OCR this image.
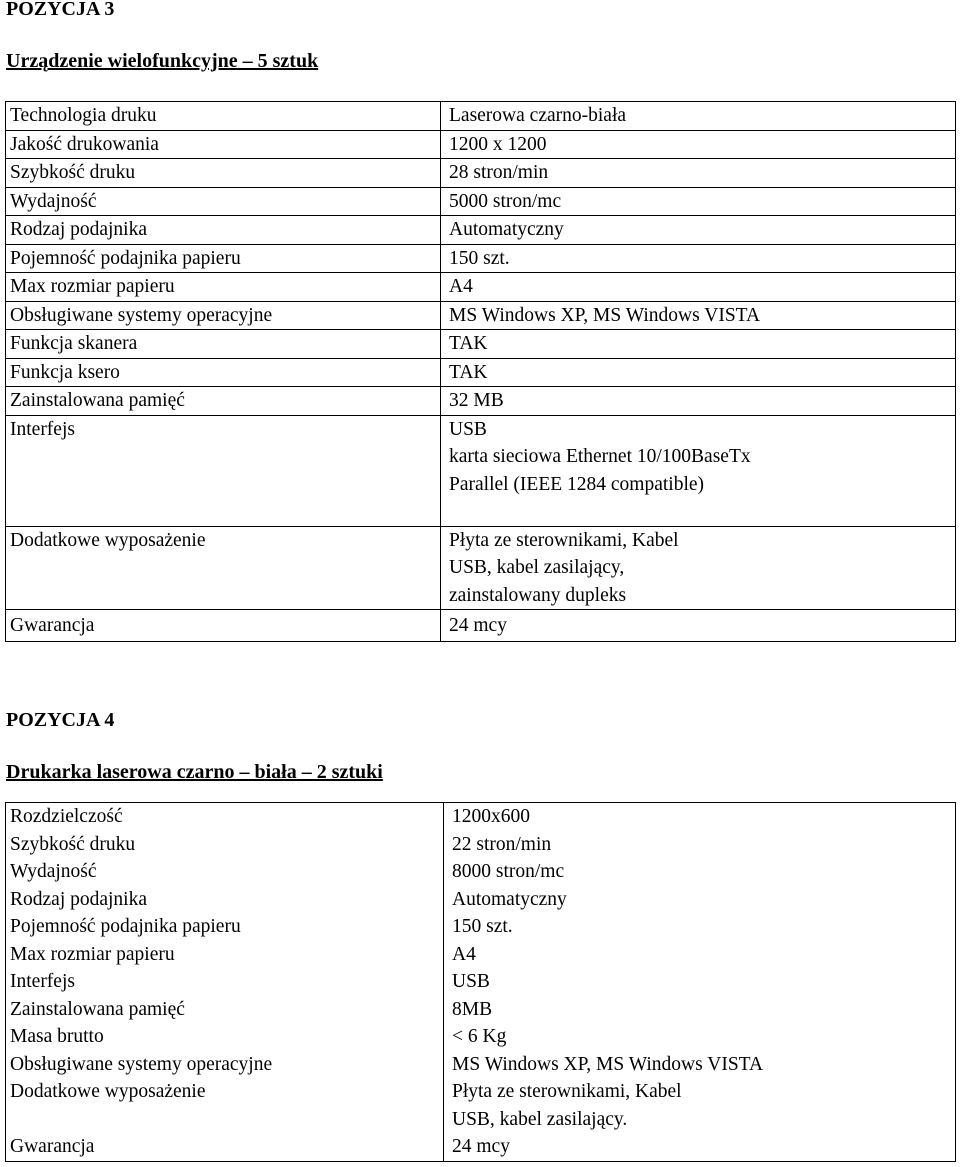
POZYCJA 3
Urządzenie wielofunkcyjne – 5 sztuk
Technologia druku	Laserowa czarno-biała
Jakość drukowania	1200 x 1200
Szybkość druku	28 stron/min
Wydajność	5000 stron/mc
Rodzaj podajnika	Automatyczny
Pojemność podajnika papieru	150 szt.
Max rozmiar papieru	A4
Obsługiwane systemy operacyjne	MS Windows XP, MS Windows VISTA
Funkcja skanera	TAK
Funkcja ksero	TAK
Zainstalowana pamięć	32 MB
Interfejs	USB
karta sieciowa Ethernet 10/100BaseTx
Parallel (IEEE 1284 compatible)

Dodatkowe wyposażenie	Płyta ze sterownikami, Kabel
USB, kabel zasilający,
zainstalowany dupleks

Gwarancja	24 mcy
POZYCJA 4
Drukarka laserowa czarno – biała – 2 sztuki
Rozdzielczość	1200x600
Szybkość druku	22 stron/min
Wydajność	8000 stron/mc
Rodzaj podajnika	Automatyczny
Pojemność podajnika papieru	150 szt.
Max rozmiar papieru	A4
Interfejs	USB
Zainstalowana pamięć	8MB
Masa brutto	< 6 Kg
Obsługiwane systemy operacyjne	MS Windows XP, MS Windows VISTA
Dodatkowe wyposażenie	Płyta ze sterownikami, Kabel
USB, kabel zasilający.

Gwarancja	24 mcy
